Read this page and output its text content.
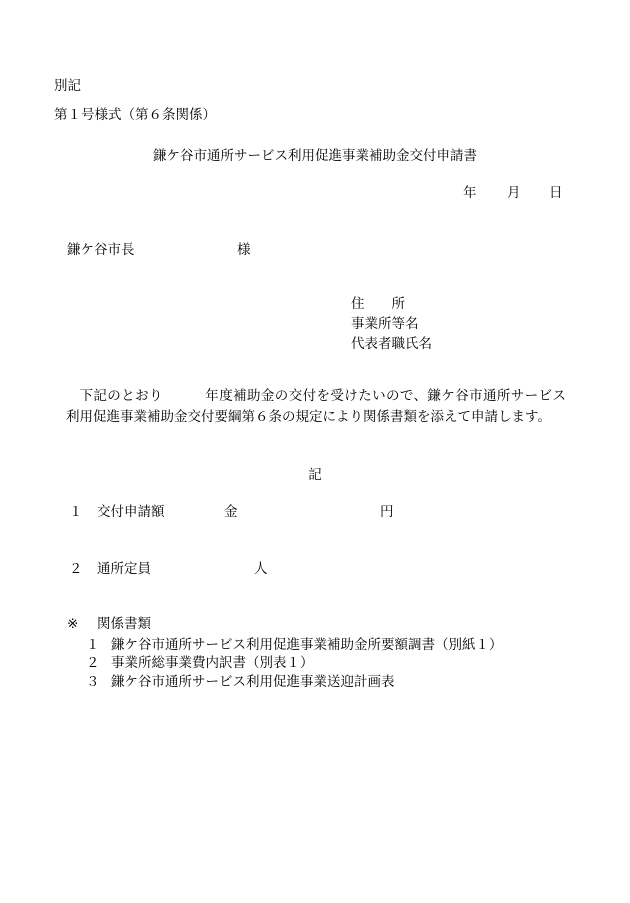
別記
第１号様式（第６条関係）
鎌ケ谷市通所サービス利用促進事業補助金交付申請書
年 月 日
鎌ケ谷市長	様
住　　所
事業所等名
代表者職氏名
下記のとおり	年度補助金の交付を受けたいので、鎌ケ谷市通所サービス利用促進事業補助金交付要綱第６条の規定により関係書類を添えて申請します。
記
１ 交付申請額	金	円
２ 通所定員	人
※ 関係書類
１ 鎌ケ谷市通所サービス利用促進事業補助金所要額調書（別紙１）
２ 事業所総事業費内訳書（別表１）
３ 鎌ケ谷市通所サービス利用促進事業送迎計画表
